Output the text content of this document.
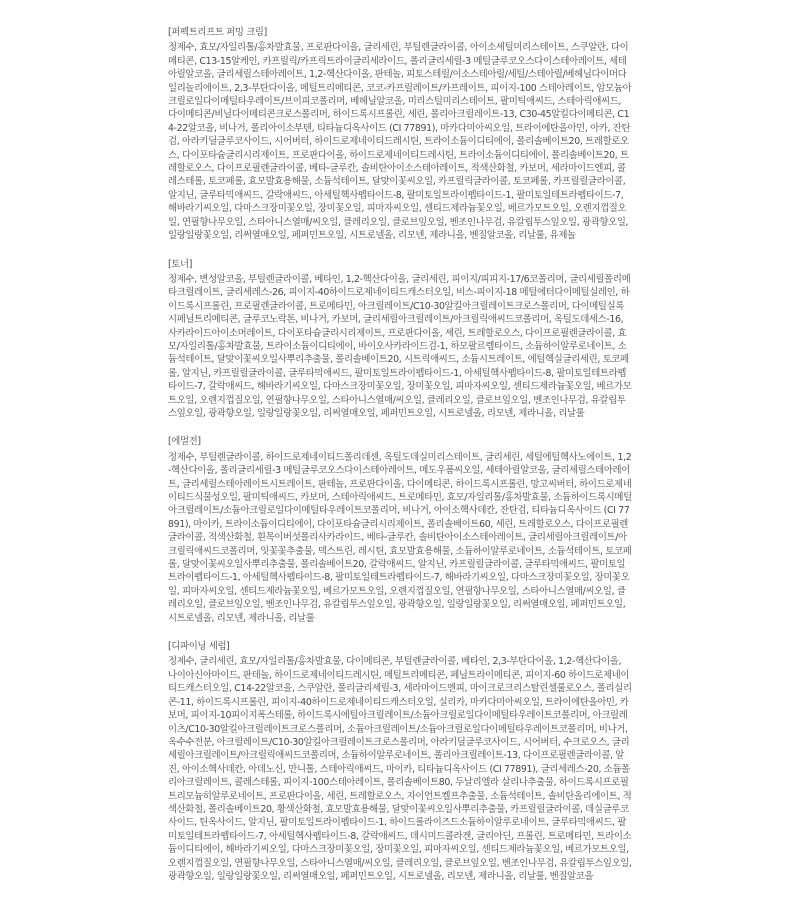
[퍼펙트리프트 퍼밍 크림]
정제수, 효모/자일리톨/홍차발효물, 프로판다이올, 글리세린, 부틸렌글라이콜, 아이소세틸미리스테이트, 스쿠알란, 다이메티콘, C13-15알케인, 카프릴릭/카프릭트라이글리세라이드, 폴리글리세릴-3 메틸글루코오스다이스테아레이트, 세테아릴알코올, 글리세릴스테아레이트, 1,2-헥산다이올, 판테놀, 피토스테릴/이소스테아릴/세틸/스테아릴/베헤닐다이머다일리놀리에이트, 2,3-부탄다이올, 메틸트리메티콘, 코코-카프릴레이트/카프레이트, 피이지-100 스테아레이트, 암모늄아크릴로일다이메틸타우레이트/브이피코폴리머, 베헤닐알코올, 미리스틸미리스테이트, 팔미틱애씨드, 스테아릭애씨드, 다이메티콘/비닐다이메티콘크로스폴리머, 하이드록시프롤린, 세린, 폴리아크릴레이트-13, C30-45알킬다이메티콘, C14-22알코올, 비나거, 폴리아이소부텐, 티타늄디옥사이드 (CI 77891), 마카다미아씨오일, 트라이에탄올아민, 아카, 잔탄검, 아라키딜글루코사이드, 시어버터, 하이드로제네이티드레시틴, 트라이소듐이디티에이, 폴리솔베이트20, 트레할로오스, 다이포타슘글리시리제이트, 프로판다이올, 하이드로제네이티드레시틴, 트라이소듐이디티에이, 폴리솔베이트20, 트레할로오스, 다이프로필렌글라이콜, 베타-글루칸, 솔비탄아이소스테아레이트, 적색산화철, 카보머, 세라마이드엔피, 콜레스테롤, 토코페롤, 효모발효용해물, 소듐석테이트, 달맞이꽃씨오일, 카프릴릭글라이콜, 토코페롤, 카프릴릴글라이콜, 알지닌, 글루타믹애씨드, 갈락애씨드, 아세틸헥사펩타이드-8, 팔미토일트라이펩타이드-1, 팔미토일테트라펩타이드-7, 해바라기씨오일, 다마스크장미꽃오일, 장미꽃오일, 피마자씨오일, 센티드제라늄꽃오일, 베르가모트오일, 오렌지껍질오일, 연필향나무오일, 스타아니스열매/씨오일, 클레리오일, 클로브잎오일, 벤조인나무검, 유칼립투스잎오일, 광곽향오일, 일랑일랑꽃오일, 리써열매오일, 페퍼민트오일, 시트로넬올, 리모넨, 제라니올, 벤질알코올, 리날룰, 유제놀
[토너]
정제수, 변성알코올, 부틸렌글라이콜, 베타인, 1,2-헥산다이올, 글리세린, 피이지/피피지-17/6코폴리머, 글리세릴폴리메타크릴레이트, 글리세레스-26, 피이지-40하이드로제네이티드캐스터오일, 비스-피이지-18 메틸에터다이메틸실레인, 하이드록시프롤린, 프로필렌글라이콜, 트로메타민, 아크릴레이트/C10-30알킬아크릴레이트크로스폴리머, 다이메틸실록시페닐트리메티콘, 글루코노락톤, 비나거, 카보머, 글리세릴아크릴레이트/아크릴릭애씨드코폴리머, 옥틸도데세스-16, 사카라이드아이소머레이트, 다이포타슘글리시리제이트, 프로판다이올, 세린, 트레할로오스, 다이프로필렌글라이콜, 효모/자일리톨/홍차발효물, 트라이소듐이디티에이, 바이오사카라이드검-1, 하모팔르렘타이드, 소듐하이알루로네이트, 소듐석테이트, 달맞이꽃씨오일사뿌리추출물, 폴리솔베이트20, 시트릭애씨드, 소듐시트레이트, 에틸헥실글리세린, 토코페롤, 알지닌, 카프릴릴글라이콜, 글루타믹애씨드, 팔미토일트라이펩타이드-1, 아세틸헥사펩타이드-8, 팔미토일테트라펩타이드-7, 갈락애씨드, 해바라기씨오일, 다마스크장미꽃오일, 장미꽃오일, 피마자씨오일, 센티드제라늄꽃오일, 베르가모트오일, 오렌지껍질오일, 연필향나무오일, 스타아니스열매/씨오일, 클레리오일, 클로브잎오일, 벤조인나무검, 유칼립투스잎오일, 광곽향오일, 일랑일랑꽃오일, 리써열매오일, 페퍼민트오일, 시트로넬올, 리모넨, 제라니올, 리날룰
[에멀전]
정제수, 부틸렌글라이콜, 하이드로제네이티드폴리데센, 옥틸도데실미리스테이트, 글리세린, 세틸에틸헥사노에이트, 1,2-헥산다이올, 폴리글리세릴-3 메틸글루코오스다이스테아레이트, 메도우폼씨오일, 세테아릴알코올, 글리세릴스테아레이트, 글리세릴스테아레이트시트레이트, 판테놀, 프로판다이올, 다이메티콘, 하이드록시프롤린, 망고씨버터, 하이드로제네이티드식물성오일, 팔미틱애씨드, 카보머, 스테아릭애씨드, 트로메타민, 효모/자일리톨/홍차발효물, 소듐하이드록시메틸아크릴레이트/소듐아크릴로일다이메틸타우레이트코폴리머, 비나거, 아이소헥사데칸, 잔탄검, 티타늄디옥사이드 (CI 77891), 마이카, 트라이소듐이디티에이, 다이포타슘글리시리제이트, 폴리솔베이트60, 세린, 트레할로오스, 다이프로필렌글라이콜, 적색산화철, 흰목이버섯폴리사카라이드, 베타-글루칸, 솔비탄아이소스테아레이트, 글리세릴아크릴레이트/아크릴릭애씨드코폴리머, 잇꽃꽃추출물, 덱스트린, 레시틴, 효모발효용해물, 소듐하이알루로네이트, 소듐석테이트, 토코페롤, 달맞이꽃씨오일사뿌리추출물, 폴리솔베이트20, 갈락애씨드, 알지닌, 카프릴릴글라이콜, 글루타믹애씨드, 팔미토일트라이펩타이드-1, 아세틸헥사펩타이드-8, 팔미토일테트라펩타이드-7, 해바라기씨오일, 다마스크장미꽃오일, 장미꽃오일, 피마자씨오일, 센티드제라늄꽃오일, 베르가모트오일, 오렌지껍질오일, 연필향나무오일, 스타아니스열매/씨오일, 클레리오일, 클로브잎오일, 벤조인나무검, 유칼립투스잎오일, 광곽향오일, 일랑일랑꽃오일, 리써열매오일, 페퍼민트오일, 시트로넬올, 리모넨, 제라니올, 리날룰
[디파이닝 세럼]
정제수, 글리세린, 효모/자일리톨/홍차발효물, 다이메티콘, 부틸렌글라이콜, 베타인, 2,3-부탄다이올, 1,2-헥산다이올, 나이아신아마이드, 판테놀, 하이드로제네이티드레시틴, 메틸트리메티콘, 페닐트라이메티콘, 피이지-60 하이드로제네이티드캐스터오일, C14-22알코올, 스쿠알란, 폴리글리세릴-3, 세라마이드엔피, 마이크로크리스탈린셀룰로오스, 폴리실리콘-11, 하이드록시프롤린, 피이지-40하이드로제네이티드캐스터오일, 실리카, 마카다미아씨오일, 트라이에탄올아민, 카보머, 피이지-10피이지폭스테롤, 하이드록시에틸아크릴레이트/소듐아크릴로일다이메틸타우레이트코폴리머, 아크릴레이츠/C10-30알킬아크릴레이트크로스폴리머, 소듐아크릴레이트/소듐아크릴로일다이메틸타우레이트코폴리머, 비나거, 옥수수전분, 아크릴레이트/C10-30알킬아크릴레이트크로스폴리머, 아라키딜글루코사이드, 시어버터, 수크로오스, 글리세릴아크릴레이트/아크릴릭애씨드코폴리머, 소듐하이알루로네이트, 폴리아크릴레이트-13, 다이프로필렌글라이콜, 알진, 아이소헥사데칸, 아데노신, 만니톨, 스테아릭애씨드, 마이카, 티타늄디옥사이드 (CI 77891), 글리세레스-20, 소듐폴리아크릴레이트, 콜레스테롤, 피이지-100스테아레이트, 폴리솔베이트80, 두날리엘라 살리나추출물, 하이드록시프로필트리모늄히알루로네이트, 프로판다이올, 세린, 트레할로오스, 자이언트켈프추출물, 소듐석테이트, 솔비탄올리에이트, 적색산화철, 폴리솔베이트20, 황색산화철, 효모발효용해물, 달맞이꽃씨오일사뿌리추출물, 카프릴릴글라이콜, 데실글루코사이드, 틴옥사이드, 알지닌, 팔미토일트라이펩타이드-1, 하이드롤라이즈드소듐하이알루로네이트, 글루타믹애씨드, 팔미토일테트라펩타이드-7, 아세틸헥사펩타이드-8, 갈락애씨드, 데시미드콜라겐, 글리아딘, 프롤린, 트로메타민, 트라이소듐이디티에이, 해바라기씨오일, 다마스크장미꽃오일, 장미꽃오일, 피마자씨오일, 센티드제라늄꽃오일, 베르가모트오일, 오렌지껍질오일, 연필향나무오일, 스타아니스열매/씨오일, 클레리오일, 클로브잎오일, 벤조인나무검, 유칼립투스잎오일, 광곽향오일, 일랑일랑꽃오일, 리써열매오일, 페퍼민트오일, 시트로넬올, 리모넨, 제라니올, 리날룰, 벤질알코올
